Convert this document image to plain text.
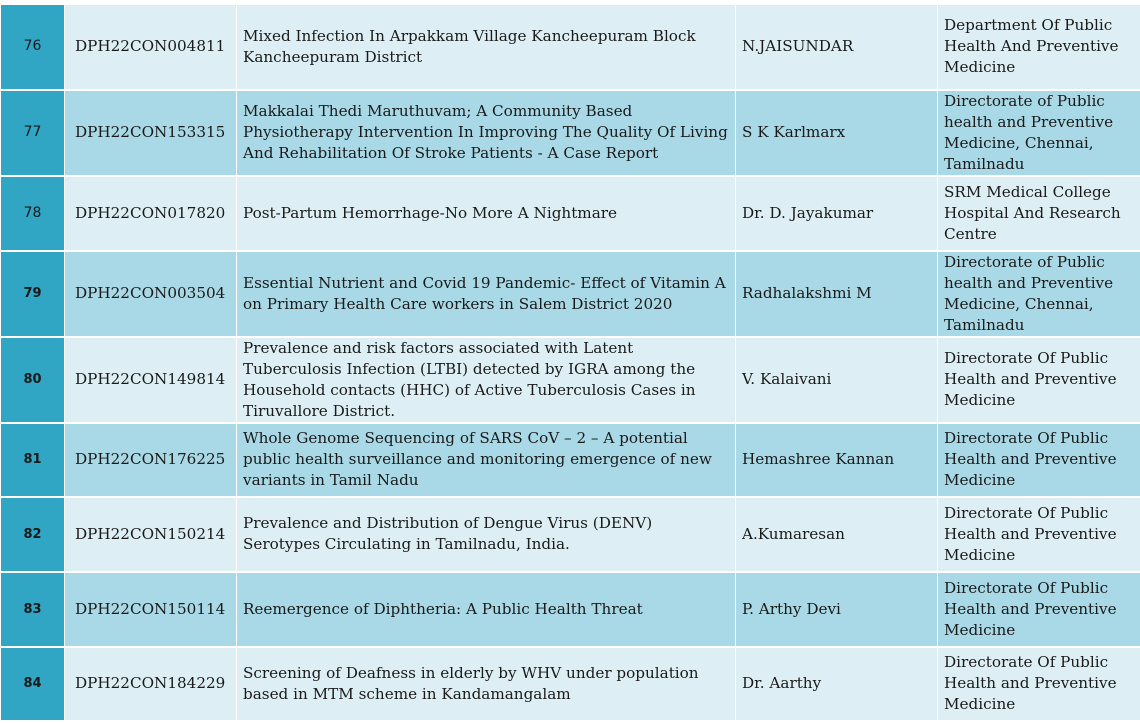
76	DPH22CON004811	Mixed Infection In Arpakkam Village Kancheepuram Block Kancheepuram District	N.JAISUNDAR	Department Of Public Health And Preventive Medicine
77	DPH22CON153315	Makkalai Thedi Maruthuvam; A Community Based Physiotherapy Intervention In Improving The Quality Of Living And Rehabilitation Of Stroke Patients - A Case Report	S K Karlmarx	Directorate of Public health and Preventive Medicine, Chennai, Tamilnadu
78	DPH22CON017820	Post-Partum Hemorrhage-No More A Nightmare	Dr. D. Jayakumar	SRM Medical College Hospital And Research Centre
79	DPH22CON003504	Essential Nutrient and Covid 19 Pandemic- Effect of Vitamin A on Primary Health Care workers in Salem District 2020	Radhalakshmi M	Directorate of Public health and Preventive Medicine, Chennai, Tamilnadu
80	DPH22CON149814	Prevalence and risk factors associated with Latent Tuberculosis Infection (LTBI) detected by IGRA among the Household contacts (HHC) of Active Tuberculosis Cases in Tiruvallore District.	V. Kalaivani	Directorate Of Public Health and Preventive Medicine
81	DPH22CON176225	Whole Genome Sequencing of SARS CoV – 2 – A potential public health surveillance and monitoring emergence of new variants in Tamil Nadu	Hemashree Kannan	Directorate Of Public Health and Preventive Medicine
82	DPH22CON150214	Prevalence and Distribution of Dengue Virus (DENV) Serotypes Circulating in Tamilnadu, India.	A.Kumaresan	Directorate Of Public Health and Preventive Medicine
83	DPH22CON150114	Reemergence of Diphtheria: A Public Health Threat	P. Arthy Devi	Directorate Of Public Health and Preventive Medicine
84	DPH22CON184229	Screening of Deafness in elderly by WHV under population based in MTM scheme in Kandamangalam	Dr. Aarthy	Directorate Of Public Health and Preventive Medicine
